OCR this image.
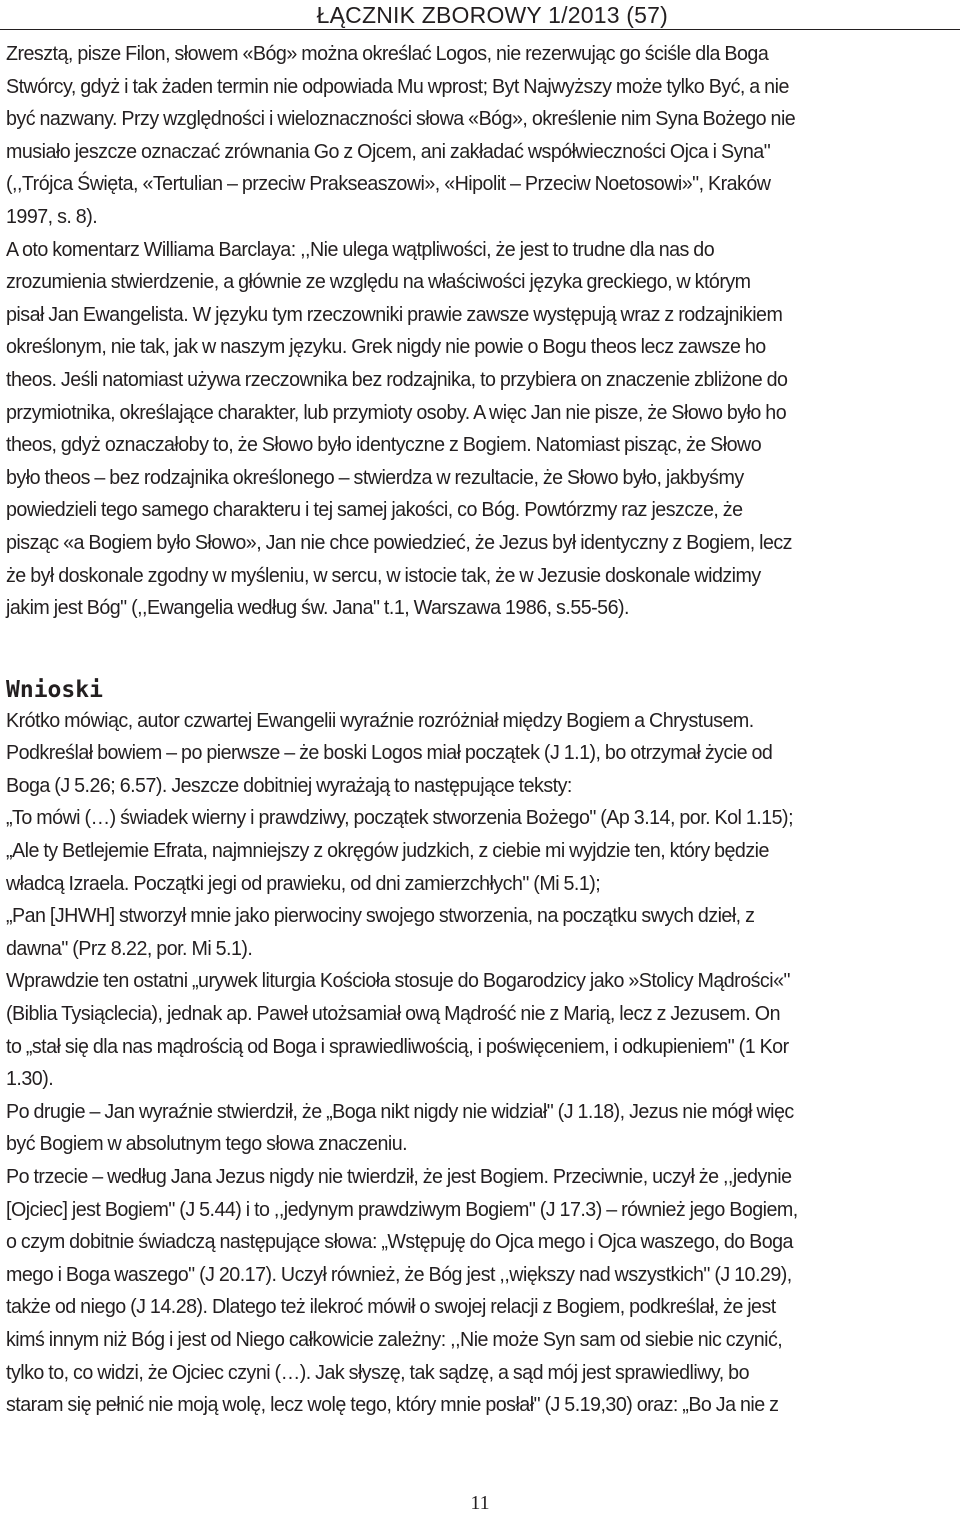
ŁĄCZNIK ZBOROWY 1/2013 (57)
Zresztą, pisze Filon, słowem «Bóg» można określać Logos, nie rezerwując go ściśle dla Boga
Stwórcy, gdyż i tak żaden termin nie odpowiada Mu wprost; Byt Najwyższy może tylko Być, a nie
być nazwany. Przy względności i wieloznaczności słowa «Bóg», określenie nim Syna Bożego nie
musiało jeszcze oznaczać zrównania Go z Ojcem, ani zakładać współwieczności Ojca i Syna"
(,,Trójca Święta, «Tertulian – przeciw Prakseaszowi», «Hipolit – Przeciw Noetosowi»", Kraków
1997, s. 8).
A oto komentarz Williama Barclaya: ,,Nie ulega wątpliwości, że jest to trudne dla nas do
zrozumienia stwierdzenie, a głównie ze względu na właściwości języka greckiego, w którym
pisał Jan Ewangelista. W języku tym rzeczowniki prawie zawsze występują wraz z rodzajnikiem
określonym, nie tak, jak w naszym języku. Grek nigdy nie powie o Bogu theos lecz zawsze ho
theos. Jeśli natomiast używa rzeczownika bez rodzajnika, to przybiera on znaczenie zbliżone do
przymiotnika, określające charakter, lub przymioty osoby. A więc Jan nie pisze, że Słowo było ho
theos, gdyż oznaczałoby to, że Słowo było identyczne z Bogiem. Natomiast pisząc, że Słowo
było theos – bez rodzajnika określonego – stwierdza w rezultacie, że Słowo było, jakbyśmy
powiedzieli tego samego charakteru i tej samej jakości, co Bóg. Powtórzmy raz jeszcze, że
pisząc «a Bogiem było Słowo», Jan nie chce powiedzieć, że Jezus był identyczny z Bogiem, lecz
że był doskonale zgodny w myśleniu, w sercu, w istocie tak, że w Jezusie doskonale widzimy
jakim jest Bóg" (,,Ewangelia według św. Jana" t.1, Warszawa 1986, s.55-56).
Wnioski
Krótko mówiąc, autor czwartej Ewangelii wyraźnie rozróżniał między Bogiem a Chrystusem.
Podkreślał bowiem – po pierwsze – że boski Logos miał początek (J 1.1), bo otrzymał życie od
Boga (J 5.26; 6.57). Jeszcze dobitniej wyrażają to następujące teksty:
„To mówi (…) świadek wierny i prawdziwy, początek stworzenia Bożego" (Ap 3.14, por. Kol 1.15);
„Ale ty Betlejemie Efrata, najmniejszy z okręgów judzkich, z ciebie mi wyjdzie ten, który będzie
władcą Izraela. Początki jegi od prawieku, od dni zamierzchłych" (Mi 5.1);
„Pan [JHWH] stworzył mnie jako pierwociny swojego stworzenia, na początku swych dzieł, z
dawna" (Prz 8.22, por. Mi 5.1).
Wprawdzie ten ostatni „urywek liturgia Kościoła stosuje do Bogarodzicy jako »Stolicy Mądrości«"
(Biblia Tysiąclecia), jednak ap. Paweł utożsamiał ową Mądrość nie z Marią, lecz z Jezusem. On
to „stał się dla nas mądrością od Boga i sprawiedliwością, i poświęceniem, i odkupieniem" (1 Kor
1.30).
Po drugie – Jan wyraźnie stwierdził, że „Boga nikt nigdy nie widział" (J 1.18), Jezus nie mógł więc
być Bogiem w absolutnym tego słowa znaczeniu.
Po trzecie – według Jana Jezus nigdy nie twierdził, że jest Bogiem. Przeciwnie, uczył że ,,jedynie
[Ojciec] jest Bogiem" (J 5.44) i to ,,jedynym prawdziwym Bogiem" (J 17.3) – również jego Bogiem,
o czym dobitnie świadczą następujące słowa: „Wstępuję do Ojca mego i Ojca waszego, do Boga
mego i Boga waszego" (J 20.17). Uczył również, że Bóg jest ,,większy nad wszystkich" (J 10.29),
także od niego (J 14.28). Dlatego też ilekroć mówił o swojej relacji z Bogiem, podkreślał, że jest
kimś innym niż Bóg i jest od Niego całkowicie zależny: ,,Nie może Syn sam od siebie nic czynić,
tylko to, co widzi, że Ojciec czyni (…). Jak słyszę, tak sądzę, a sąd mój jest sprawiedliwy, bo
staram się pełnić nie moją wolę, lecz wolę tego, który mnie posłał" (J 5.19,30) oraz: „Bo Ja nie z
11
